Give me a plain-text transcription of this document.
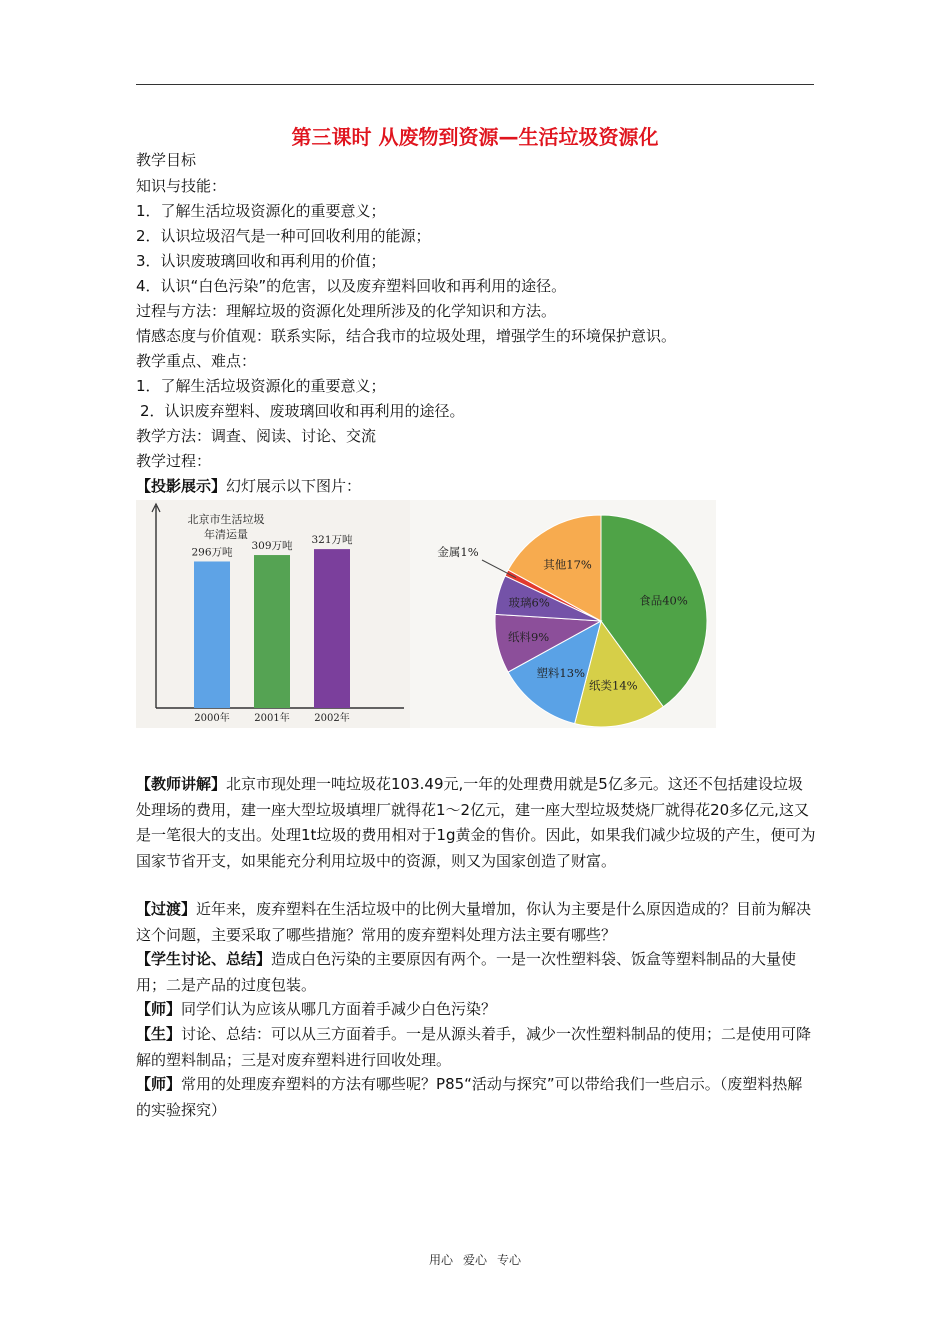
第三课时 从废物到资源—生活垃圾资源化
教学目标
知识与技能：
1．了解生活垃圾资源化的重要意义；
2．认识垃圾沼气是一种可回收利用的能源；
3．认识废玻璃回收和再利用的价值；
4．认识“白色污染”的危害，以及废弃塑料回收和再利用的途径。
过程与方法：理解垃圾的资源化处理所涉及的化学知识和方法。
情感态度与价值观：联系实际，结合我市的垃圾处理，增强学生的环境保护意识。
教学重点、难点：
1．了解生活垃圾资源化的重要意义；
2．认识废弃塑料、废玻璃回收和再利用的途径。
教学方法：调查、阅读、讨论、交流
教学过程：
【投影展示】幻灯展示以下图片：
北京市生活垃圾
年清运量
296万吨
2000年
309万吨
2001年
321万吨
2002年
食品40%
纸类14%
塑料13%
纸料9%
玻璃6%
金属1%
其他17%
【教师讲解】北京市现处理一吨垃圾花103.49元,一年的处理费用就是5亿多元。这还不包括建设垃圾处理场的费用，建一座大型垃圾填埋厂就得花1～2亿元，建一座大型垃圾焚烧厂就得花20多亿元,这又是一笔很大的支出。处理1t垃圾的费用相对于1g黄金的售价。因此，如果我们减少垃圾的产生，便可为国家节省开支，如果能充分利用垃圾中的资源，则又为国家创造了财富。
【过渡】近年来，废弃塑料在生活垃圾中的比例大量增加，你认为主要是什么原因造成的？目前为解决这个问题，主要采取了哪些措施？常用的废弃塑料处理方法主要有哪些？
【学生讨论、总结】造成白色污染的主要原因有两个。一是一次性塑料袋、饭盒等塑料制品的大量使用；二是产品的过度包装。
【师】同学们认为应该从哪几方面着手减少白色污染？
【生】讨论、总结：可以从三方面着手。一是从源头着手，减少一次性塑料制品的使用；二是使用可降解的塑料制品；三是对废弃塑料进行回收处理。
【师】常用的处理废弃塑料的方法有哪些呢？P85“活动与探究”可以带给我们一些启示。（废塑料热解的实验探究）
用心 爱心 专心
